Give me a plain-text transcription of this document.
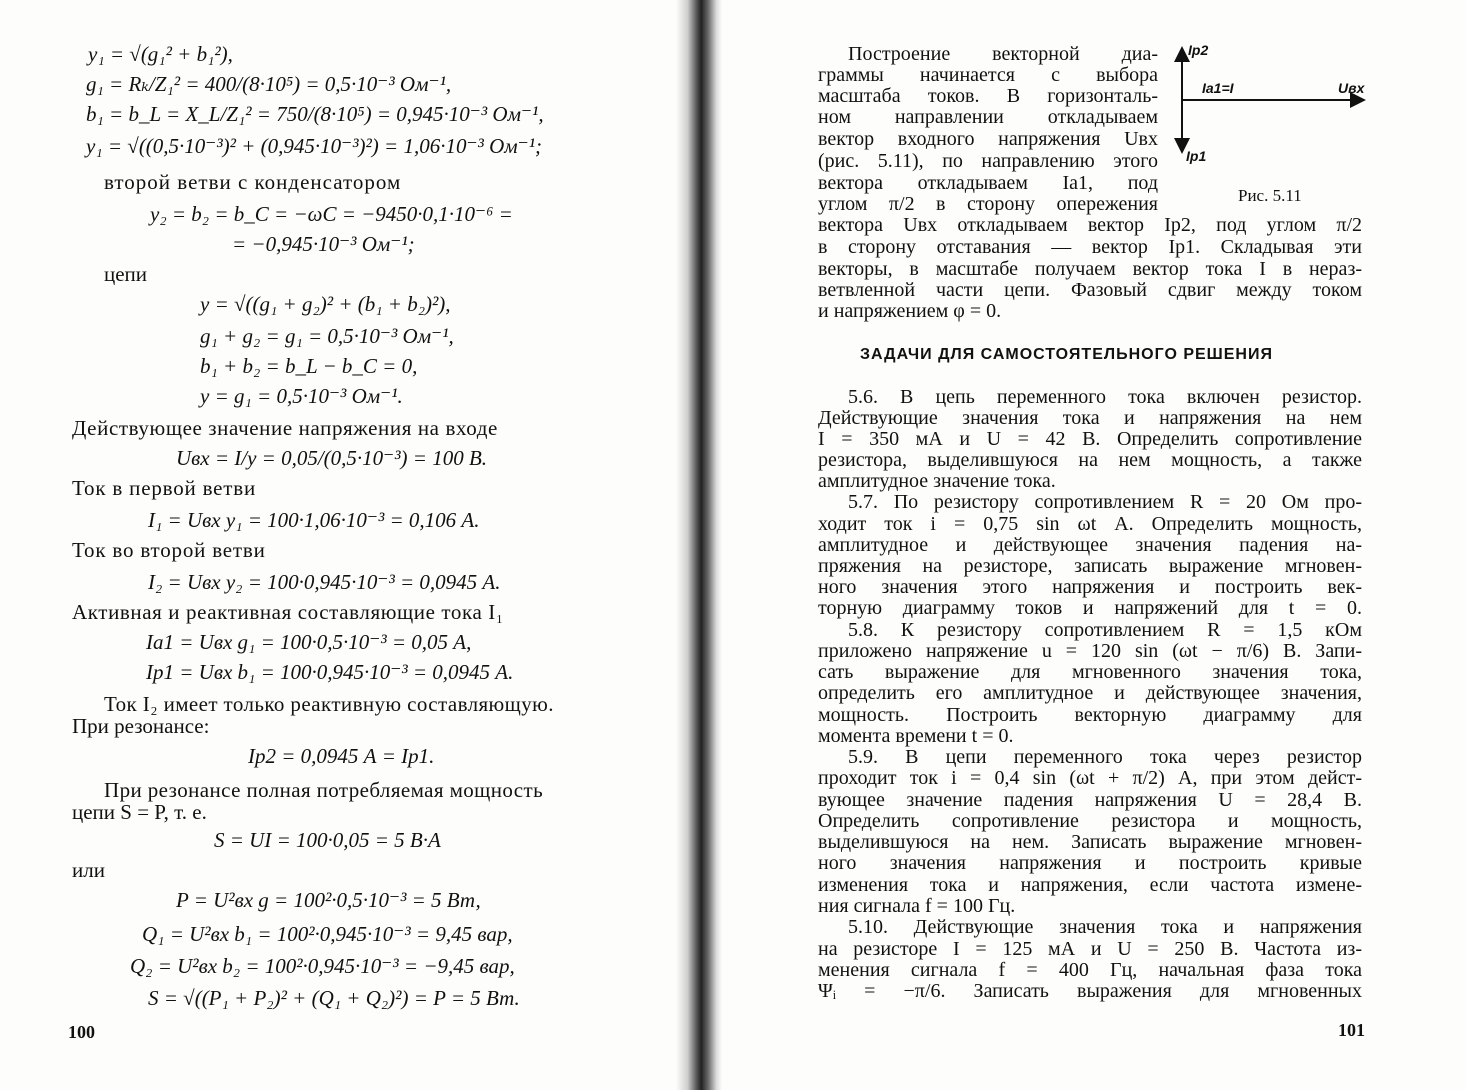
y₁ = √(g₁² + b₁²),
g₁ = Rₖ/Z₁² = 400/(8·10⁵) = 0,5·10⁻³ Ом⁻¹,
b₁ = b_L = X_L/Z₁² = 750/(8·10⁵) = 0,945·10⁻³ Ом⁻¹,
y₁ = √((0,5·10⁻³)² + (0,945·10⁻³)²) = 1,06·10⁻³ Ом⁻¹;
второй ветви с конденсатором
y₂ = b₂ = b_C = −ωC = −9450·0,1·10⁻⁶ =
= −0,945·10⁻³ Ом⁻¹;
цепи
y = √((g₁ + g₂)² + (b₁ + b₂)²),
g₁ + g₂ = g₁ = 0,5·10⁻³ Ом⁻¹,
b₁ + b₂ = b_L − b_C = 0,
y = g₁ = 0,5·10⁻³ Ом⁻¹.
Действующее значение напряжения на входе
Uвх = I/y = 0,05/(0,5·10⁻³) = 100 В.
Ток в первой ветви
I₁ = Uвх y₁ = 100·1,06·10⁻³ = 0,106 А.
Ток во второй ветви
I₂ = Uвх y₂ = 100·0,945·10⁻³ = 0,0945 А.
Активная и реактивная составляющие тока I₁
Iа1 = Uвх g₁ = 100·0,5·10⁻³ = 0,05 А,
Iр1 = Uвх b₁ = 100·0,945·10⁻³ = 0,0945 А.
Ток I₂ имеет только реактивную составляющую.
При резонансе:
Iр2 = 0,0945 А = Iр1.
При резонансе полная потребляемая мощность
цепи S = P, т. е.
S = UI = 100·0,05 = 5 В·А
или
P = U²вх g = 100²·0,5·10⁻³ = 5 Вт,
Q₁ = U²вх b₁ = 100²·0,945·10⁻³ = 9,45 вар,
Q₂ = U²вх b₂ = 100²·0,945·10⁻³ = −9,45 вар,
S = √((P₁ + P₂)² + (Q₁ + Q₂)²) = P = 5 Вт.
100
Построение векторной диа-
граммы начинается с выбора
масштаба токов. В горизонталь-
ном направлении откладываем
вектор входного напряжения Uвх
(рис. 5.11), по направлению этого
вектора откладываем Iа1, под
углом π/2 в сторону опережения
вектора Uвх откладываем вектор Iр2, под углом π/2
в сторону отставания — вектор Iр1. Складывая эти
векторы, в масштабе получаем вектор тока I в нераз-
ветвленной части цепи. Фазовый сдвиг между током
и напряжением φ = 0.
ЗАДАЧИ ДЛЯ САМОСТОЯТЕЛЬНОГО РЕШЕНИЯ
5.6. В цепь переменного тока включен резистор.
Действующие значения тока и напряжения на нем
I = 350 мА и U = 42 В. Определить сопротивление
резистора, выделившуюся на нем мощность, а также
амплитудное значение тока.
5.7. По резистору сопротивлением R = 20 Ом про-
ходит ток i = 0,75 sin ωt А. Определить мощность,
амплитудное и действующее значения падения на-
пряжения на резисторе, записать выражение мгновен-
ного значения этого напряжения и построить век-
торную диаграмму токов и напряжений для t = 0.
5.8. К резистору сопротивлением R = 1,5 кОм
приложено напряжение u = 120 sin (ωt − π/6) В. Запи-
сать выражение для мгновенного значения тока,
определить его амплитудное и действующее значения,
мощность. Построить векторную диаграмму для
момента времени t = 0.
5.9. В цепи переменного тока через резистор
проходит ток i = 0,4 sin (ωt + π/2) А, при этом дейст-
вующее значение падения напряжения U = 28,4 В.
Определить сопротивление резистора и мощность,
выделившуюся на нем. Записать выражение мгновен-
ного значения напряжения и построить кривые
изменения тока и напряжения, если частота измене-
ния сигнала f = 100 Гц.
5.10. Действующие значения тока и напряжения
на резисторе I = 125 мА и U = 250 В. Частота из-
менения сигнала f = 400 Гц, начальная фаза тока
Ψᵢ = −π/6. Записать выражения для мгновенных
101
Ip2
Ia1=I	Uвх
Ip1
Рис. 5.11
